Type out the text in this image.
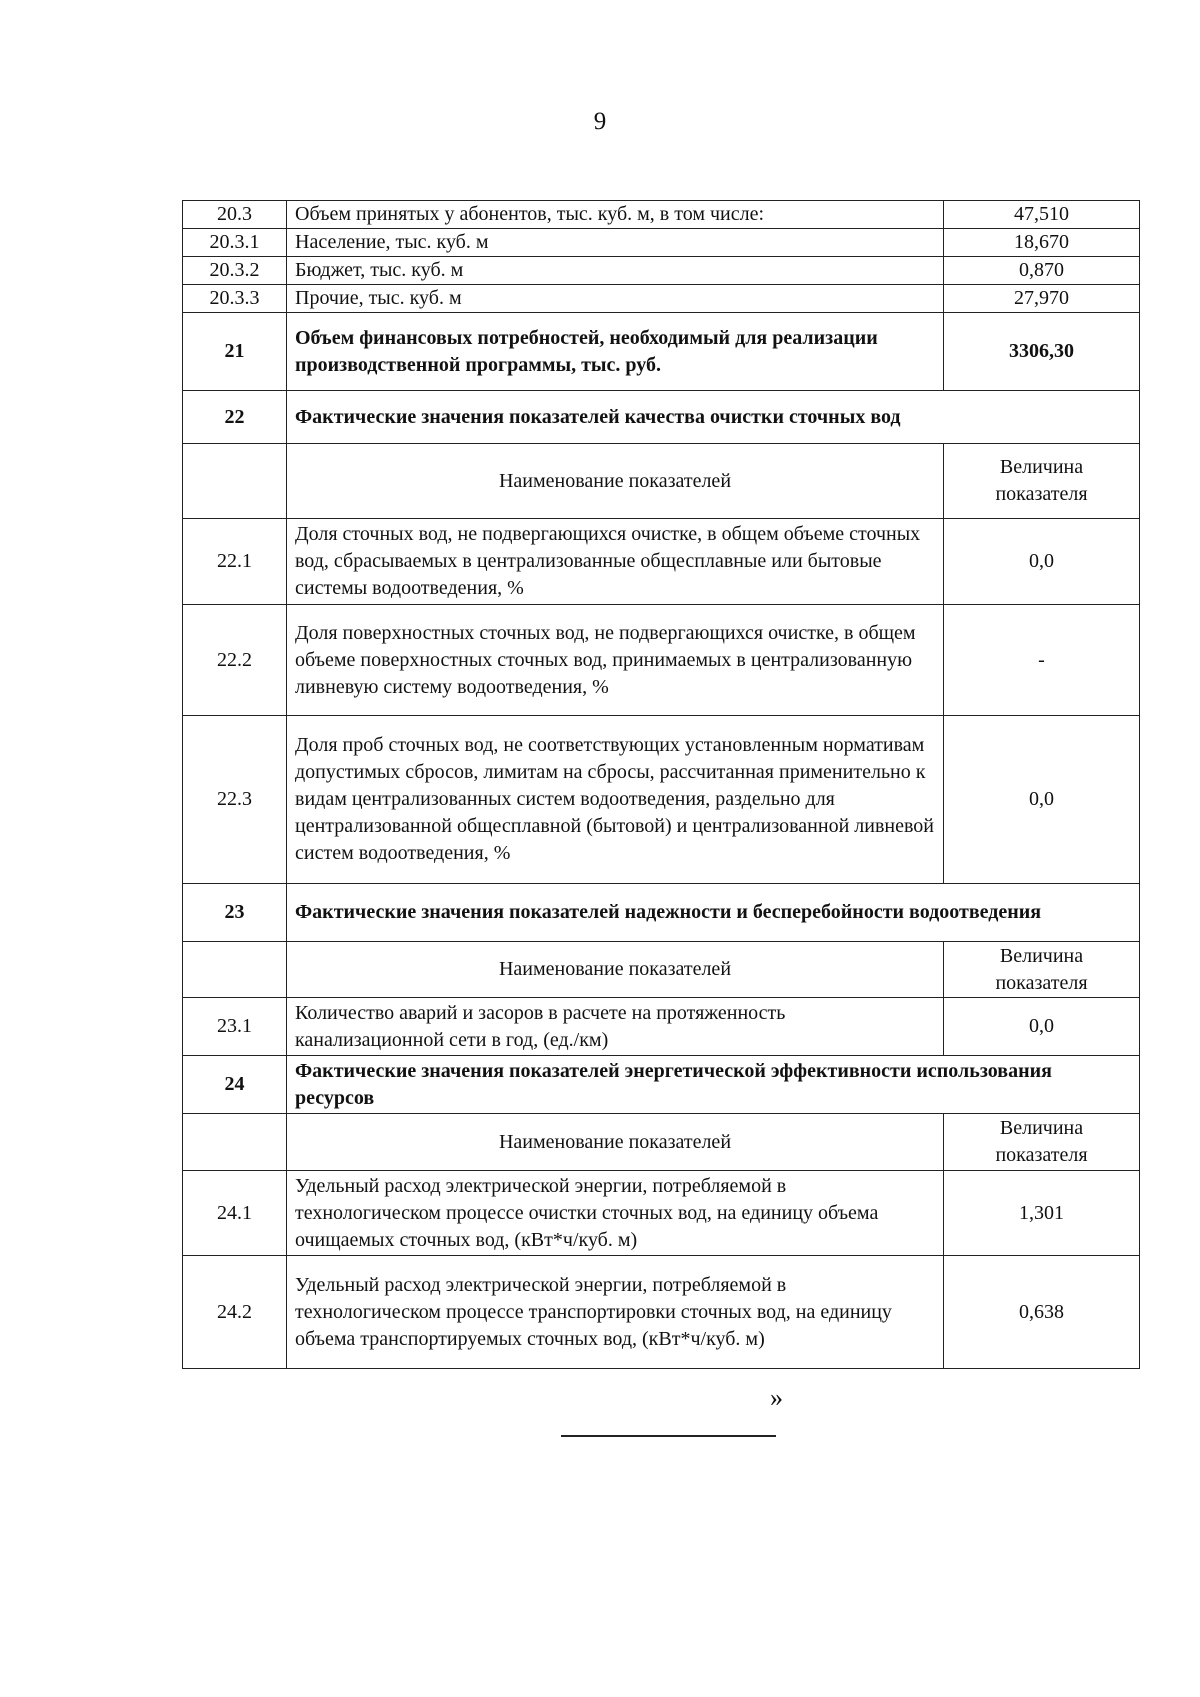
9
20.3	Объем принятых у абонентов, тыс. куб. м, в том числе:	47,510
20.3.1	Население, тыс. куб. м	18,670
20.3.2	Бюджет, тыс. куб. м	0,870
20.3.3	Прочие, тыс. куб. м	27,970
21	Объем финансовых потребностей, необходимый для реализации производственной программы, тыс. руб.	3306,30
22	Фактические значения показателей качества очистки сточных вод	
	Наименование показателей	Величина показателя
22.1	Доля сточных вод, не подвергающихся очистке, в общем объеме сточных вод, сбрасываемых в централизованные общесплавные или бытовые системы водоотведения, %	0,0
22.2	Доля поверхностных сточных вод, не подвергающихся очистке, в общем объеме поверхностных сточных вод, принимаемых в централизованную ливневую систему водоотведения, %	-
22.3	Доля проб сточных вод, не соответствующих установленным нормативам допустимых сбросов, лимитам на сбросы, рассчитанная применительно к видам централизованных систем водоотведения, раздельно для централизованной общесплавной (бытовой) и централизованной ливневой систем водоотведения, %	0,0
23	Фактические значения показателей надежности и бесперебойности водоотведения	
	Наименование показателей	Величина показателя
23.1	Количество аварий и засоров в расчете на протяженность канализационной сети в год, (ед./км)	0,0
24	Фактические значения показателей энергетической эффективности использования ресурсов	
	Наименование показателей	Величина показателя
24.1	Удельный расход электрической энергии, потребляемой в технологическом процессе очистки сточных вод, на единицу объема очищаемых сточных вод, (кВт*ч/куб. м)	1,301
24.2	Удельный расход электрической энергии, потребляемой в технологическом процессе транспортировки сточных вод, на единицу объема транспортируемых сточных вод, (кВт*ч/куб. м)	0,638
»
